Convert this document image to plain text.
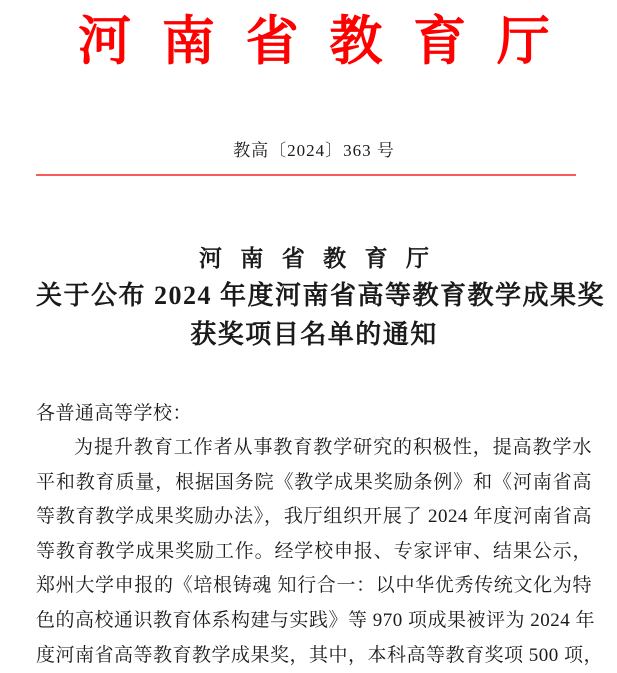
河南省教育厅
教高〔2024〕363 号
河南省教育厅
关于公布 2024 年度河南省高等教育教学成果奖
获奖项目名单的通知
各普通高等学校：
为提升教育工作者从事教育教学研究的积极性，提高教学水
平和教育质量，根据国务院《教学成果奖励条例》和《河南省高
等教育教学成果奖励办法》，我厅组织开展了 2024 年度河南省高
等教育教学成果奖励工作。经学校申报、专家评审、结果公示，
郑州大学申报的《培根铸魂 知行合一：以中华优秀传统文化为特
色的高校通识教育体系构建与实践》等 970 项成果被评为 2024 年
度河南省高等教育教学成果奖，其中，本科高等教育奖项 500 项，
